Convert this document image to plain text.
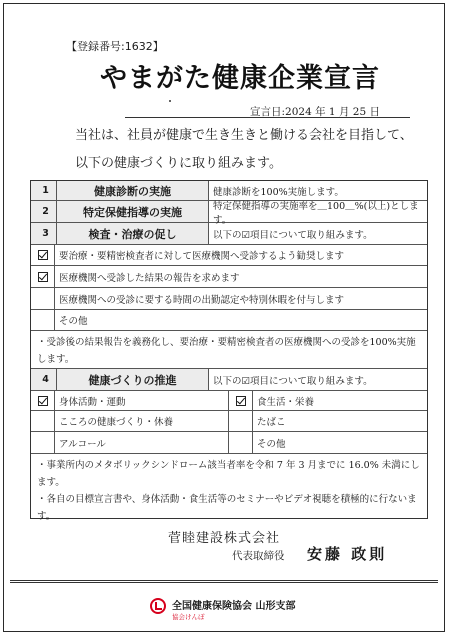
【登録番号:1632】
やまがた健康企業宣言
宣言日:2024 年 1 月 25 日
当社は、社員が健康で生き生きと働ける会社を目指して、
以下の健康づくりに取り組みます。
1	健康診断の実施	健康診断を100%実施します。
2	特定保健指導の実施	特定保健指導の実施率を＿100＿%(以上)とします。
3	検査・治療の促し	以下の☑項目について取り組みます。
要治療・要精密検査者に対して医療機関へ受診するよう勧奨します
医療機関へ受診した結果の報告を求めます
医療機関への受診に要する時間の出勤認定や特別休暇を付与します
その他
・受診後の結果報告を義務化し、要治療・要精密検査者の医療機関への受診を100%実施します。
4	健康づくりの推進	以下の☑項目について取り組みます。
身体活動・運動	食生活・栄養
こころの健康づくり・休養	たばこ
アルコール	その他
・事業所内のメタボリックシンドローム該当者率を令和 7 年 3 月までに 16.0% 未満にします。
・各自の目標宣言書や、身体活動・食生活等のセミナーやビデオ視聴を積極的に行ないます。
菅睦建設株式会社
代表取締役 安藤 政則
全国健康保険協会 山形支部
協会けんぽ
